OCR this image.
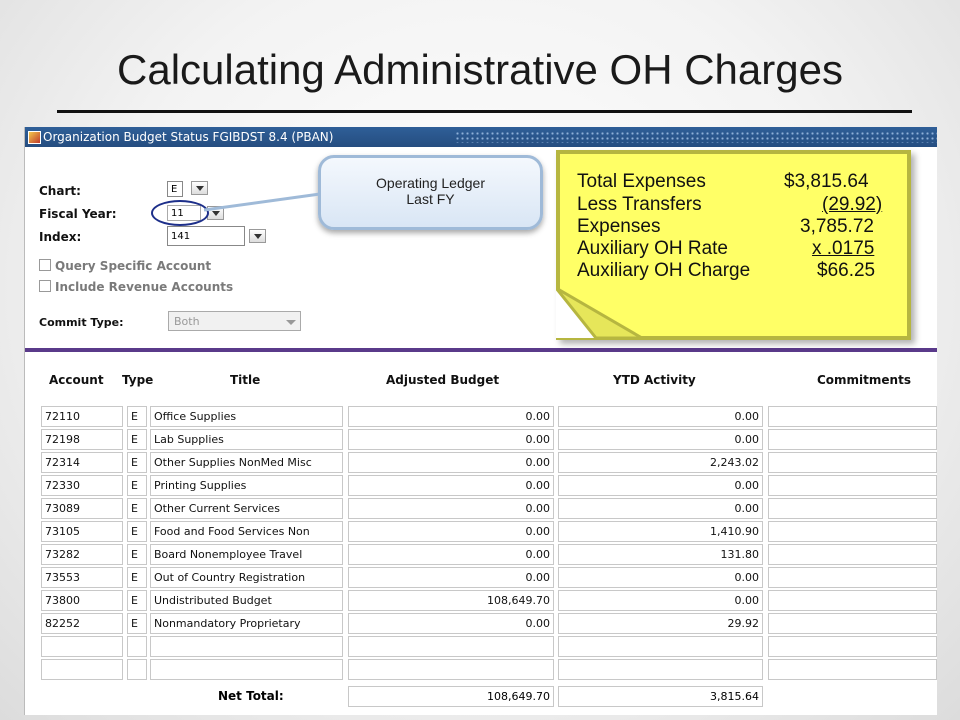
Calculating Administrative OH Charges
Organization Budget Status FGIBDST 8.4 (PBAN)
Chart:	E
Fiscal Year:	11
Index:	141
Query Specific Account
Include Revenue Accounts
Commit Type:	Both
Account Type	Title	Adjusted Budget	YTD Activity	Commitments
72110	E	Office Supplies	0.00	0.00
72198	E	Lab Supplies	0.00	0.00
72314	E	Other Supplies NonMed Misc	0.00	2,243.02
72330	E	Printing Supplies	0.00	0.00
73089	E	Other Current Services	0.00	0.00
73105	E	Food and Food Services Non	0.00	1,410.90
73282	E	Board Nonemployee Travel	0.00	131.80
73553	E	Out of Country Registration	0.00	0.00
73800	E	Undistributed Budget	108,649.70	0.00
82252	E	Nonmandatory Proprietary	0.00	29.92
Net Total:	108,649.70	3,815.64
Operating Ledger
Last FY
Total Expenses	$3,815.64
Less Transfers	(29.92)
Expenses	3,785.72
Auxiliary OH Rate	x .0175
Auxiliary OH Charge	$66.25
